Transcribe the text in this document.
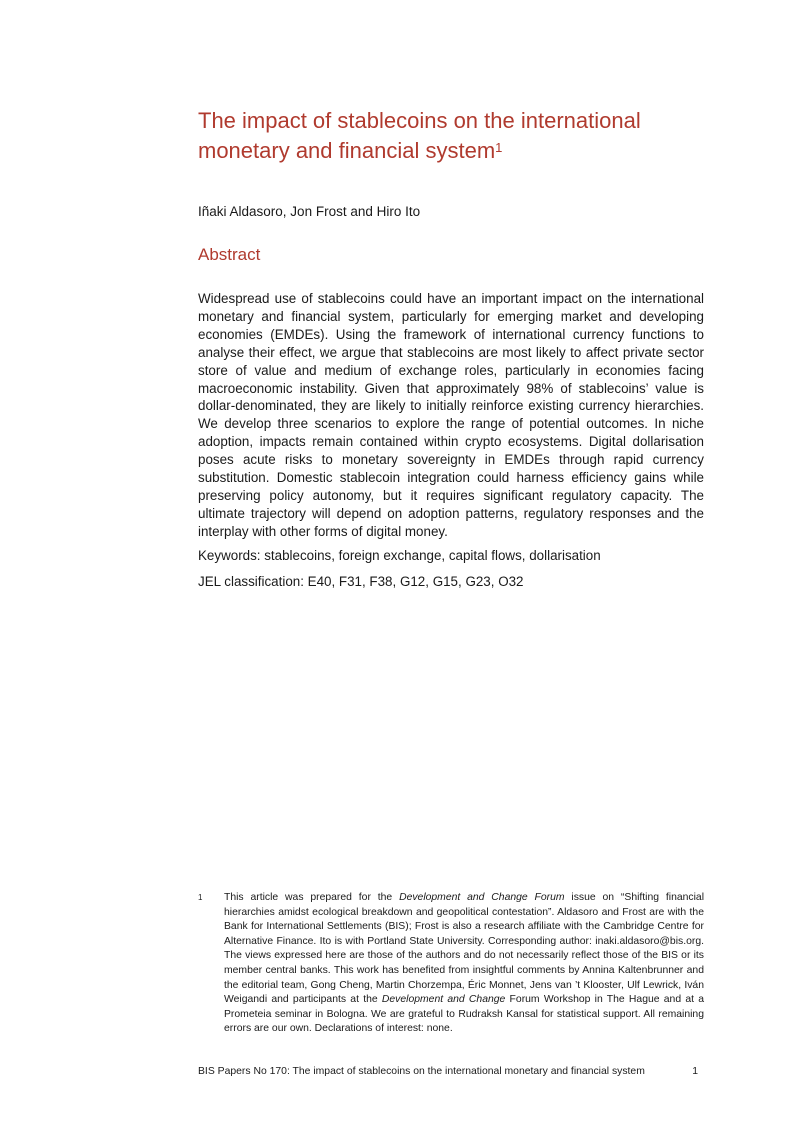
The impact of stablecoins on the international monetary and financial system$^1$
Iñaki Aldasoro, Jon Frost and Hiro Ito
Abstract

Widespread use of stablecoins could have an important impact on the international monetary and financial system, particularly for emerging market and developing economies (EMDEs). Using the framework of international currency functions to analyse their effect, we argue that stablecoins are most likely to affect private sector store of value and medium of exchange roles, particularly in economies facing macroeconomic instability. Given that approximately 98% of stablecoins’ value is dollar-denominated, they are likely to initially reinforce existing currency hierarchies. We develop three scenarios to explore the range of potential outcomes. In niche adoption, impacts remain contained within crypto ecosystems. Digital dollarisation poses acute risks to monetary sovereignty in EMDEs through rapid currency substitution. Domestic stablecoin integration could harness efficiency gains while preserving policy autonomy, but it requires significant regulatory capacity. The ultimate trajectory will depend on adoption patterns, regulatory responses and the interplay with other forms of digital money.

Keywords: stablecoins, foreign exchange, capital flows, dollarisation
JEL classification: E40, F31, F38, G12, G15, G23, O32
1 This article was prepared for the Development and Change Forum issue on “Shifting financial hierarchies amidst ecological breakdown and geopolitical contestation”. Aldasoro and Frost are with the Bank for International Settlements (BIS); Frost is also a research affiliate with the Cambridge Centre for Alternative Finance. Ito is with Portland State University. Corresponding author: inaki.aldasoro@bis.org. The views expressed here are those of the authors and do not necessarily reflect those of the BIS or its member central banks. This work has benefited from insightful comments by Annina Kaltenbrunner and the editorial team, Gong Cheng, Martin Chorzempa, Éric Monnet, Jens van ’t Klooster, Ulf Lewrick, Iván Weigandi and participants at the Development and Change Forum Workshop in The Hague and at a Prometeia seminar in Bologna. We are grateful to Rudraksh Kansal for statistical support. All remaining errors are our own. Declarations of interest: none.
BIS Papers No 170: The impact of stablecoins on the international monetary and financial system	1
